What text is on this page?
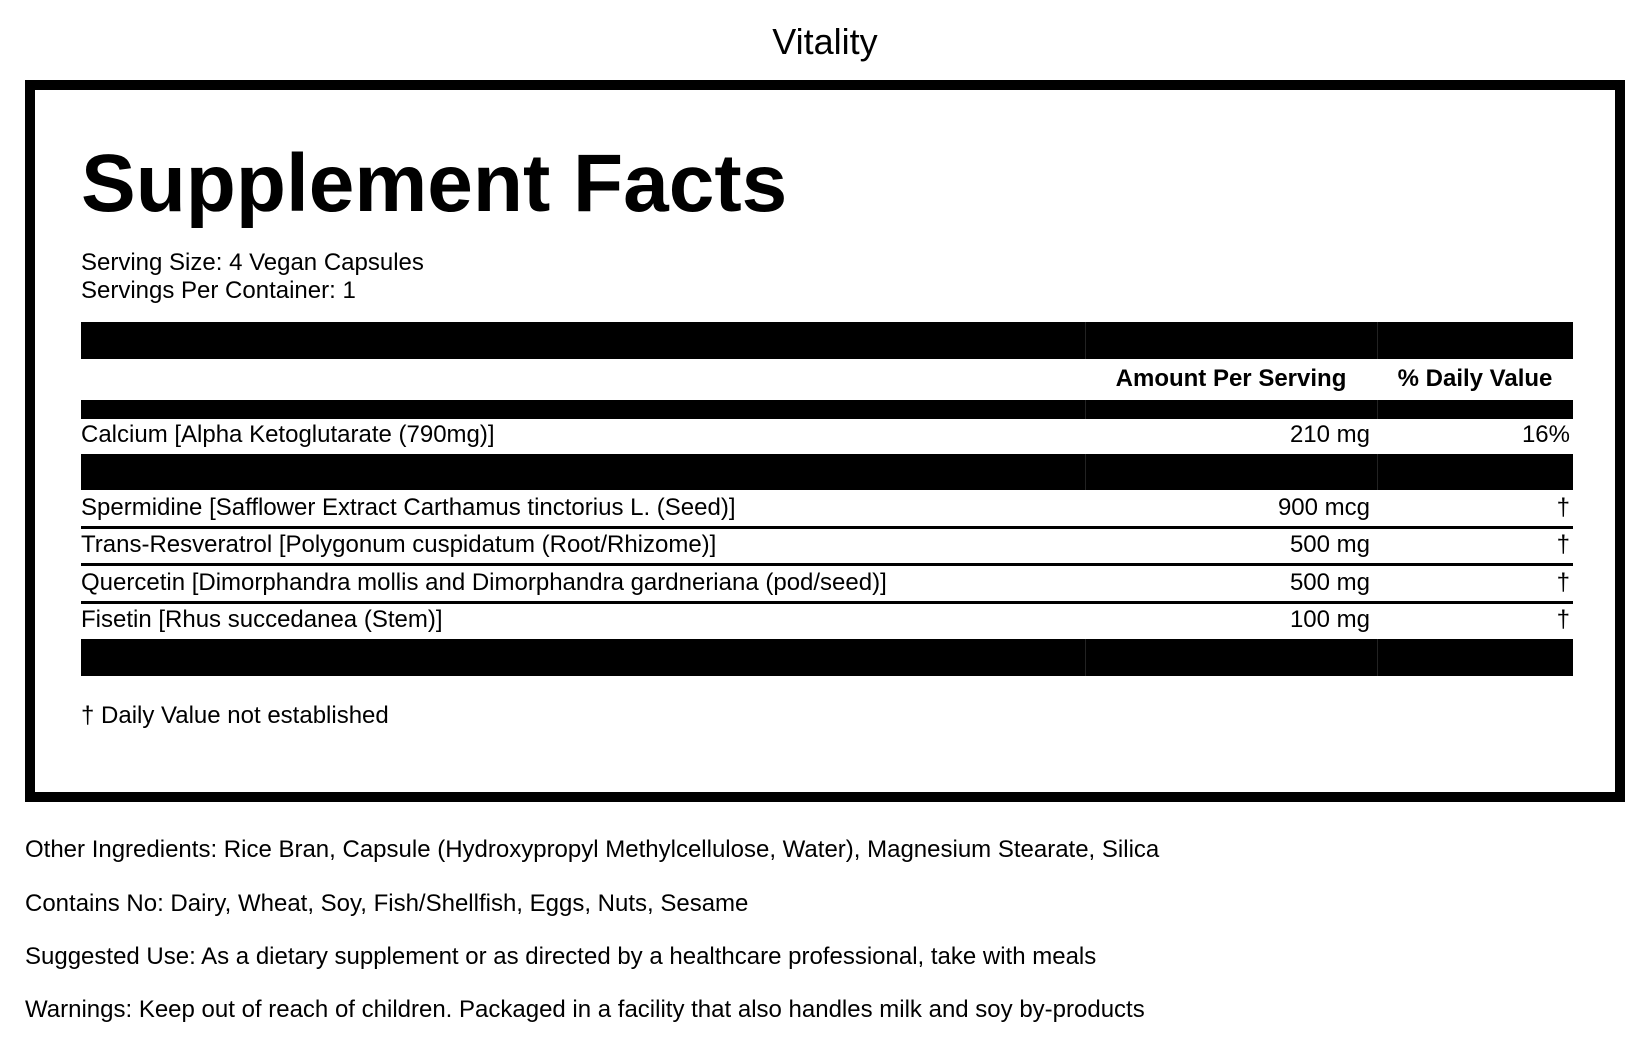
Vitality
Supplement Facts
Serving Size: 4 Vegan Capsules
Servings Per Container: 1
Amount Per Serving	% Daily Value
Calcium [Alpha Ketoglutarate (790mg)]	210 mg	16%
Spermidine [Safflower Extract Carthamus tinctorius L. (Seed)]	900 mcg	†
Trans-Resveratrol [Polygonum cuspidatum (Root/Rhizome)]	500 mg	†
Quercetin [Dimorphandra mollis and Dimorphandra gardneriana (pod/seed)]	500 mg	†
Fisetin [Rhus succedanea (Stem)]	100 mg	†
† Daily Value not established
Other Ingredients: Rice Bran, Capsule (Hydroxypropyl Methylcellulose, Water), Magnesium Stearate, Silica
Contains No: Dairy, Wheat, Soy, Fish/Shellfish, Eggs, Nuts, Sesame
Suggested Use: As a dietary supplement or as directed by a healthcare professional, take with meals
Warnings: Keep out of reach of children. Packaged in a facility that also handles milk and soy by-products
